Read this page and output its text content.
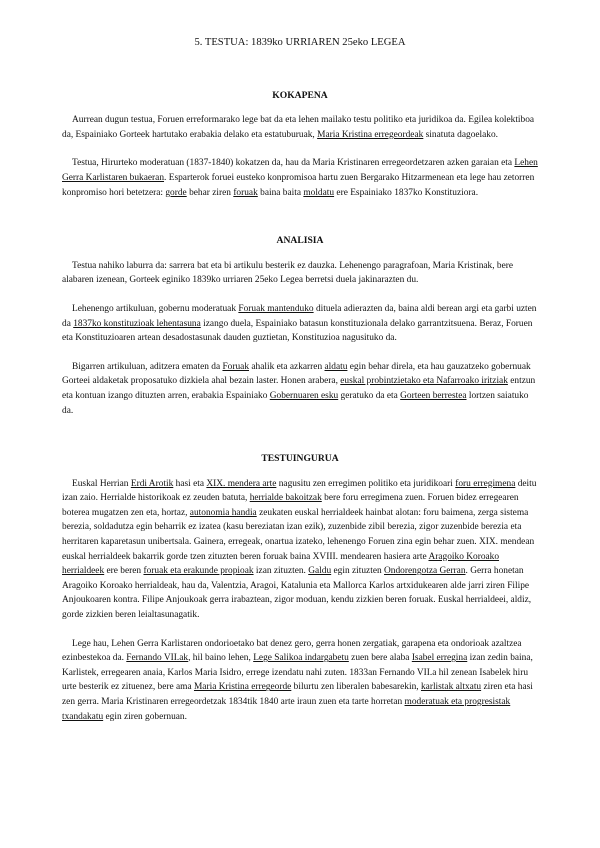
5. TESTUA: 1839ko URRIAREN 25eko LEGEA
KOKAPENA

Aurrean dugun testua, Foruen erreformarako lege bat da eta lehen mailako testu politiko eta juridikoa da. Egilea kolektiboa da, Espainiako Gorteek hartutako erabakia delako eta estatuburuak, Maria Kristina erregeordeak sinatuta dagoelako.

Testua, Hirurteko moderatuan (1837-1840) kokatzen da, hau da Maria Kristinaren erregeordetzaren azken garaian eta Lehen Gerra Karlistaren bukaeran. Esparterok foruei eusteko konpromisoa hartu zuen Bergarako Hitzarmenean eta lege hau zetorren konpromiso hori betetzera: gorde behar ziren foruak baina baita moldatu ere Espainiako 1837ko Konstituziora.

ANALISIA

Testua nahiko laburra da: sarrera bat eta bi artikulu besterik ez dauzka. Lehenengo paragrafoan, Maria Kristinak, bere alabaren izenean, Gorteek eginiko 1839ko urriaren 25eko Legea berretsi duela jakinarazten du.

Lehenengo artikuluan, gobernu moderatuak Foruak mantenduko dituela adierazten da, baina aldi berean argi eta garbi uzten da 1837ko konstituzioak lehentasuna izango duela, Espainiako batasun konstituzionala delako garrantzitsuena. Beraz, Foruen eta Konstituzioaren artean desadostasunak dauden guztietan, Konstituzioa nagusituko da.

Bigarren artikuluan, aditzera ematen da Foruak ahalik eta azkarren aldatu egin behar direla, eta hau gauzatzeko gobernuak Gorteei aldaketak proposatuko dizkiela ahal bezain laster. Honen arabera, euskal probintzietako eta Nafarroako iritziak entzun eta kontuan izango dituzten arren, erabakia Espainiako Gobernuaren esku geratuko da eta Gorteen berrestea lortzen saiatuko da.

TESTUINGURUA

Euskal Herrian Erdi Arotik hasi eta XIX. mendera arte nagusitu zen erregimen politiko eta juridikoari foru erregimena deitu izan zaio. Herrialde historikoak ez zeuden batuta, herrialde bakoitzak bere foru erregimena zuen. Foruen bidez erregearen boterea mugatzen zen eta, hortaz, autonomia handia zeukaten euskal herrialdeek hainbat alotan: foru baimena, zerga sistema berezia, soldadutza egin beharrik ez izatea (kasu bereziatan izan ezik), zuzenbide zibil berezia, zigor zuzenbide berezia eta herritaren kaparetasun unibertsala. Gainera, erregeak, onartua izateko, lehenengo Foruen zina egin behar zuen. XIX. mendean euskal herrialdeek bakarrik gorde tzen zituzten beren foruak baina XVIII. mendearen hasiera arte Aragoiko Koroako herrialdeek ere beren foruak eta erakunde propioak izan zituzten. Galdu egin zituzten Ondorengotza Gerran. Gerra honetan Aragoiko Koroako herrialdeak, hau da, Valentzia, Aragoi, Katalunia eta Mallorca Karlos artxidukearen alde jarri ziren Filipe Anjoukoaren kontra. Filipe Anjoukoak gerra irabaztean, zigor moduan, kendu zizkien beren foruak. Euskal herrialdeei, aldiz, gorde zizkien beren leialtasunagatik.

Lege hau, Lehen Gerra Karlistaren ondorioetako bat denez gero, gerra honen zergatiak, garapena eta ondorioak azaltzea ezinbestekoa da. Fernando VII.ak, hil baino lehen, Lege Salikoa indargabetu zuen bere alaba Isabel erregina izan zedin baina, Karlistek, erregearen anaia, Karlos Maria Isidro, errege izendatu nahi zuten. 1833an Fernando VII.a hil zenean Isabelek hiru urte besterik ez zituenez, bere ama Maria Kristina erregeorde bilurtu zen liberalen babesarekin, karlistak altxatu ziren eta hasi zen gerra. Maria Kristinaren erregeordetzak 1834tik 1840 arte iraun zuen eta tarte horretan moderatuak eta progresistak txandakatu egin ziren gobernuan.
